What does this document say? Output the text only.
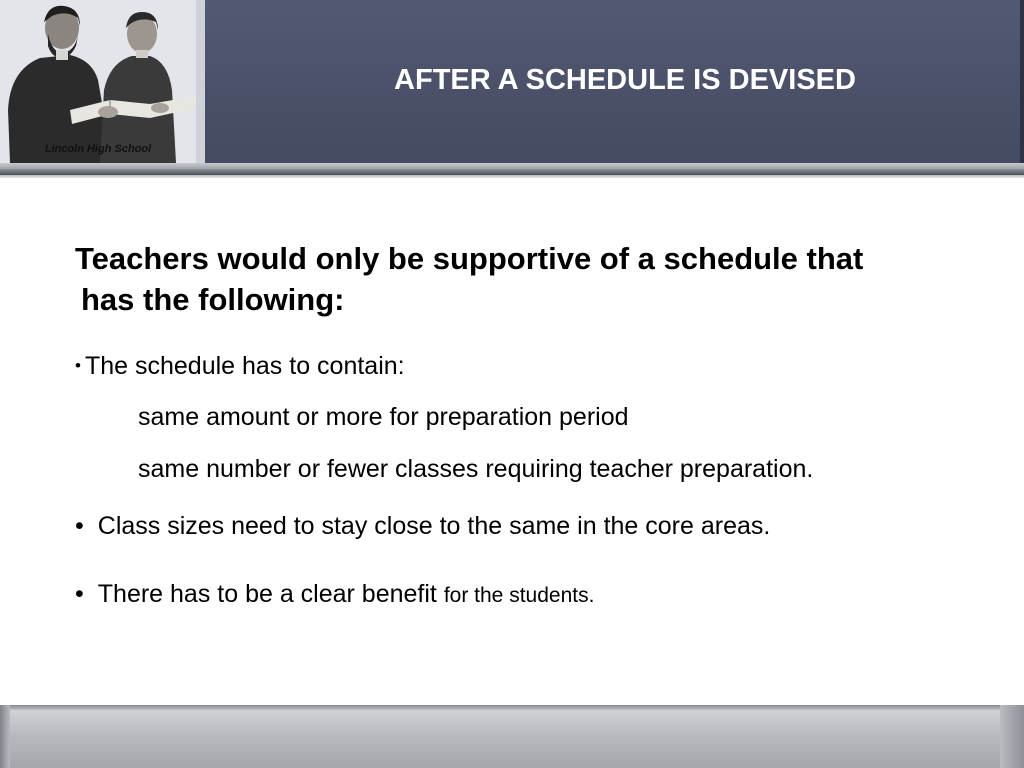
Lincoln High School
AFTER A SCHEDULE IS DEVISED
Teachers would only be supportive of a schedule that
has the following:
• The schedule has to contain:
same amount or more for preparation period
same number or fewer classes requiring teacher preparation.
• Class sizes need to stay close to the same in the core areas.
• There has to be a clear benefit for the students.
